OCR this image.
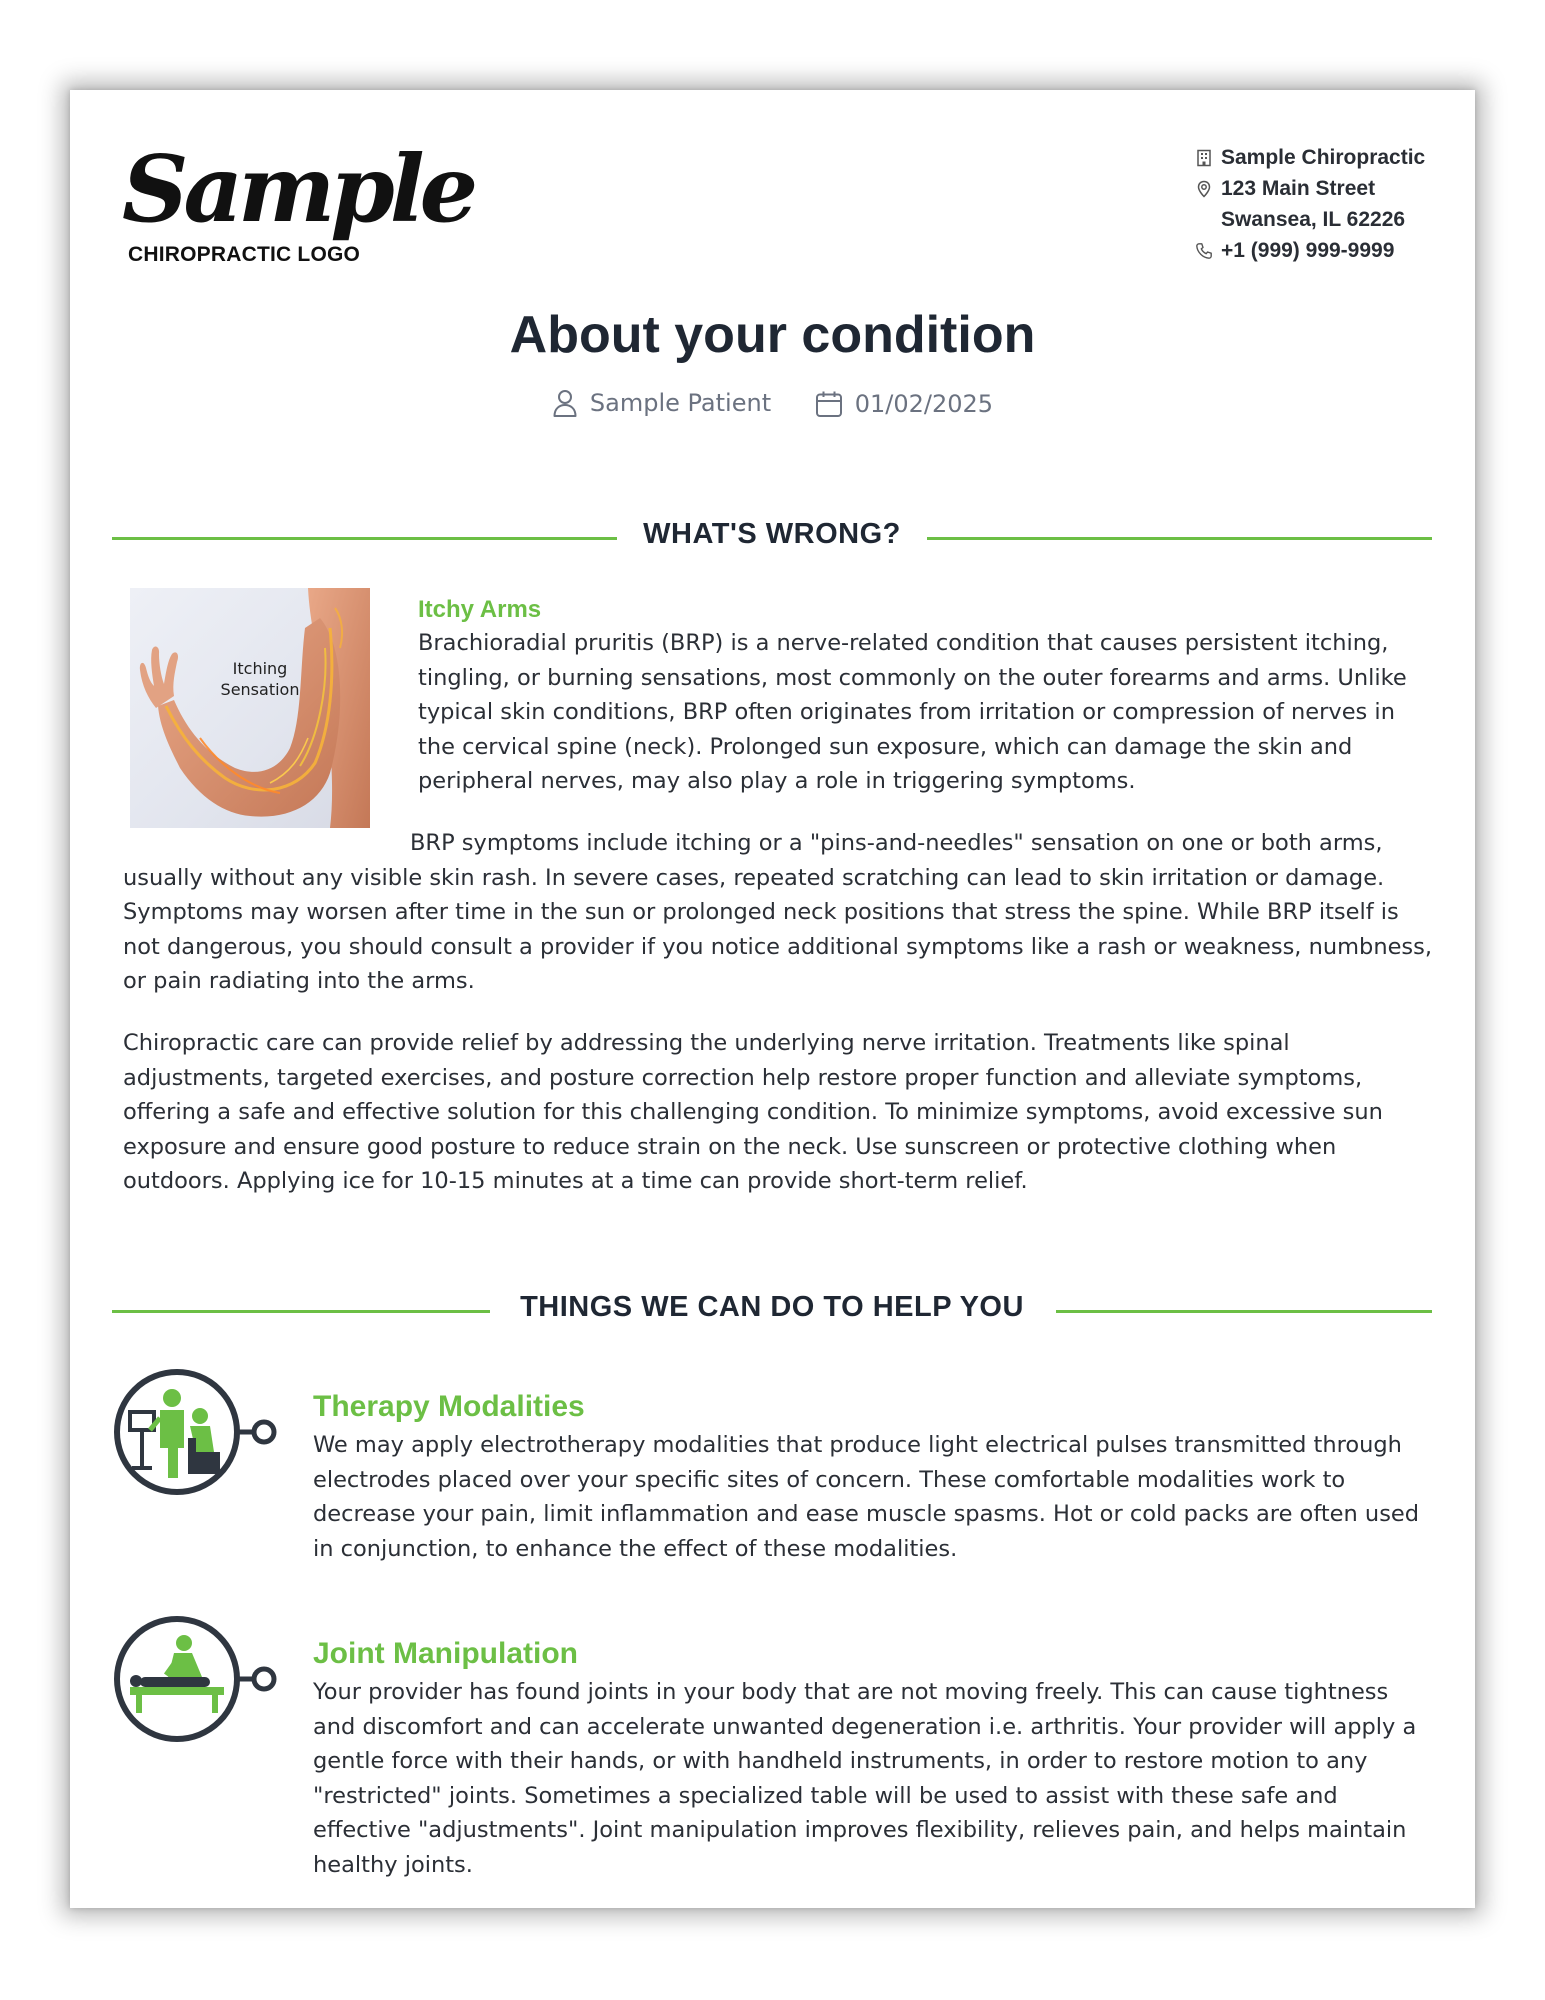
Sample
CHIROPRACTIC LOGO
Sample Chiropractic
123 Main Street
Swansea, IL 62226
+1 (999) 999-9999
About your condition
Sample Patient
	01/02/2025
WHAT'S WRONG?
Itching Sensation
Itchy Arms

Brachioradial pruritis (BRP) is a nerve-related condition that causes persistent itching, tingling, or burning sensations, most commonly on the outer forearms and arms. Unlike typical skin conditions, BRP often originates from irritation or compression of nerves in the cervical spine (neck). Prolonged sun exposure, which can damage the skin and peripheral nerves, may also play a role in triggering symptoms.

BRP symptoms include itching or a "pins-and-needles" sensation on one or both arms, usually without any visible skin rash. In severe cases, repeated scratching can lead to skin irritation or damage. Symptoms may worsen after time in the sun or prolonged neck positions that stress the spine. While BRP itself is not dangerous, you should consult a provider if you notice additional symptoms like a rash or weakness, numbness, or pain radiating into the arms.

Chiropractic care can provide relief by addressing the underlying nerve irritation. Treatments like spinal adjustments, targeted exercises, and posture correction help restore proper function and alleviate symptoms, offering a safe and effective solution for this challenging condition. To minimize symptoms, avoid excessive sun exposure and ensure good posture to reduce strain on the neck. Use sunscreen or protective clothing when outdoors. Applying ice for 10-15 minutes at a time can provide short-term relief.

THINGS WE CAN DO TO HELP YOU
Therapy Modalities

We may apply electrotherapy modalities that produce light electrical pulses transmitted through electrodes placed over your specific sites of concern. These comfortable modalities work to decrease your pain, limit inflammation and ease muscle spasms. Hot or cold packs are often used in conjunction, to enhance the effect of these modalities.

Joint Manipulation

Your provider has found joints in your body that are not moving freely. This can cause tightness and discomfort and can accelerate unwanted degeneration i.e. arthritis. Your provider will apply a gentle force with their hands, or with handheld instruments, in order to restore motion to any "restricted" joints. Sometimes a specialized table will be used to assist with these safe and effective "adjustments". Joint manipulation improves flexibility, relieves pain, and helps maintain healthy joints.
